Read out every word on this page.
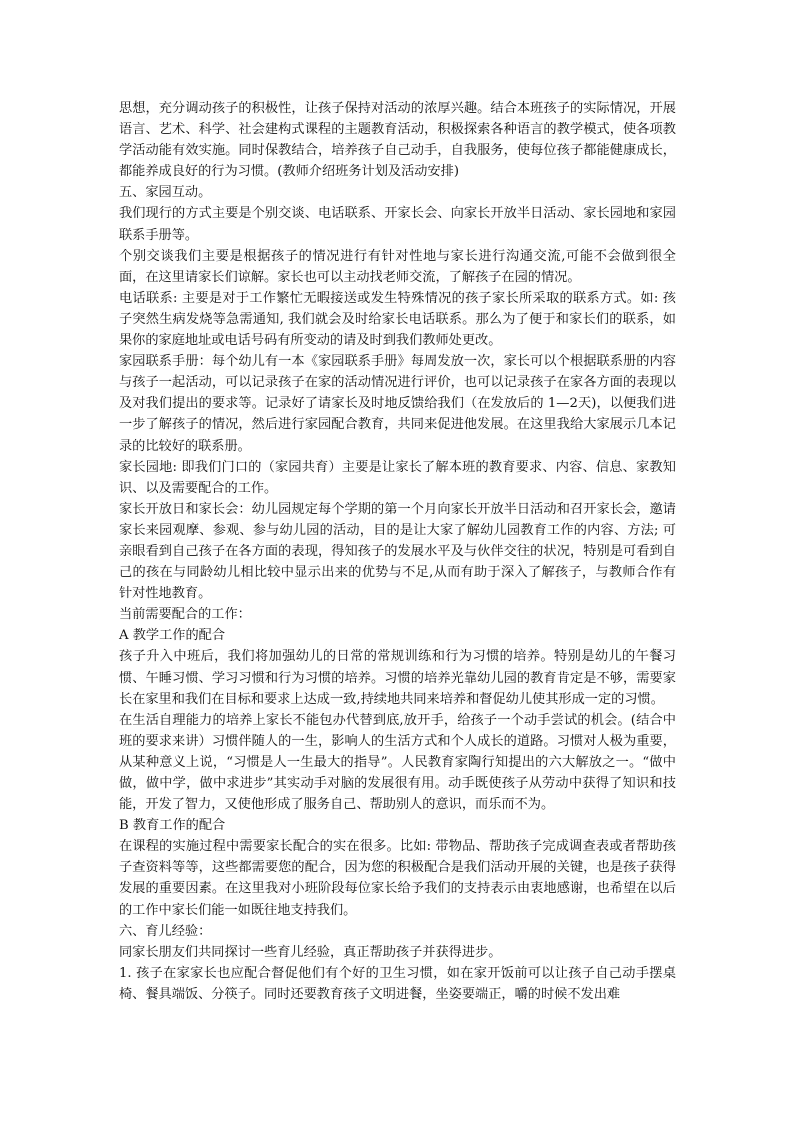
思想，充分调动孩子的积极性，让孩子保持对活动的浓厚兴趣。结合本班孩子的实际情况，开展语言、艺术、科学、社会建构式课程的主题教育活动，积极探索各种语言的教学模式，使各项教学活动能有效实施。同时保教结合，培养孩子自己动手，自我服务，使每位孩子都能健康成长，都能养成良好的行为习惯。(教师介绍班务计划及活动安排)

五、家园互动。

我们现行的方式主要是个别交谈、电话联系、开家长会、向家长开放半日活动、家长园地和家园联系手册等。

个别交谈我们主要是根据孩子的情况进行有针对性地与家长进行沟通交流,可能不会做到很全面，在这里请家长们谅解。家长也可以主动找老师交流，了解孩子在园的情况。

电话联系: 主要是对于工作繁忙无暇接送或发生特殊情况的孩子家长所采取的联系方式。如: 孩子突然生病发烧等急需通知, 我们就会及时给家长电话联系。那么为了便于和家长们的联系，如果你的家庭地址或电话号码有所变动的请及时到我们教师处更改。

家园联系手册：每个幼儿有一本《家园联系手册》每周发放一次，家长可以个根据联系册的内容与孩子一起活动，可以记录孩子在家的活动情况进行评价，也可以记录孩子在家各方面的表现以及对我们提出的要求等。记录好了请家长及时地反馈给我们（在发放后的 1—2天)，以便我们进一步了解孩子的情况，然后进行家园配合教育，共同来促进他发展。在这里我给大家展示几本记录的比较好的联系册。

家长园地: 即我们门口的（家园共育）主要是让家长了解本班的教育要求、内容、信息、家教知识、以及需要配合的工作。

家长开放日和家长会：幼儿园规定每个学期的第一个月向家长开放半日活动和召开家长会，邀请家长来园观摩、参观、参与幼儿园的活动，目的是让大家了解幼儿园教育工作的内容、方法; 可亲眼看到自己孩子在各方面的表现，得知孩子的发展水平及与伙伴交往的状况，特别是可看到自己的孩在与同龄幼儿相比较中显示出来的优势与不足,从而有助于深入了解孩子，与教师合作有针对性地教育。

当前需要配合的工作：

A 教学工作的配合

孩子升入中班后，我们将加强幼儿的日常的常规训练和行为习惯的培养。特别是幼儿的午餐习惯、午睡习惯、学习习惯和行为习惯的培养。习惯的培养光靠幼儿园的教育肯定是不够，需要家长在家里和我们在目标和要求上达成一致,持续地共同来培养和督促幼儿使其形成一定的习惯。

在生活自理能力的培养上家长不能包办代替到底,放开手，给孩子一个动手尝试的机会。(结合中班的要求来讲）习惯伴随人的一生，影响人的生活方式和个人成长的道路。习惯对人极为重要，从某种意义上说，“习惯是人一生最大的指导”。人民教育家陶行知提出的六大解放之一。“做中做，做中学，做中求进步”其实动手对脑的发展很有用。动手既使孩子从劳动中获得了知识和技能，开发了智力，又使他形成了服务自己、帮助别人的意识，而乐而不为。

B 教育工作的配合

在课程的实施过程中需要家长配合的实在很多。比如: 带物品、帮助孩子完成调查表或者帮助孩子查资料等等，这些都需要您的配合，因为您的积极配合是我们活动开展的关键，也是孩子获得发展的重要因素。在这里我对小班阶段每位家长给予我们的支持表示由衷地感谢，也希望在以后的工作中家长们能一如既往地支持我们。

六、育儿经验：

同家长朋友们共同探讨一些育儿经验，真正帮助孩子并获得进步。

1. 孩子在家家长也应配合督促他们有个好的卫生习惯，如在家开饭前可以让孩子自己动手摆桌椅、餐具端饭、分筷子。同时还要教育孩子文明进餐，坐姿要端正，嚼的时候不发出难
